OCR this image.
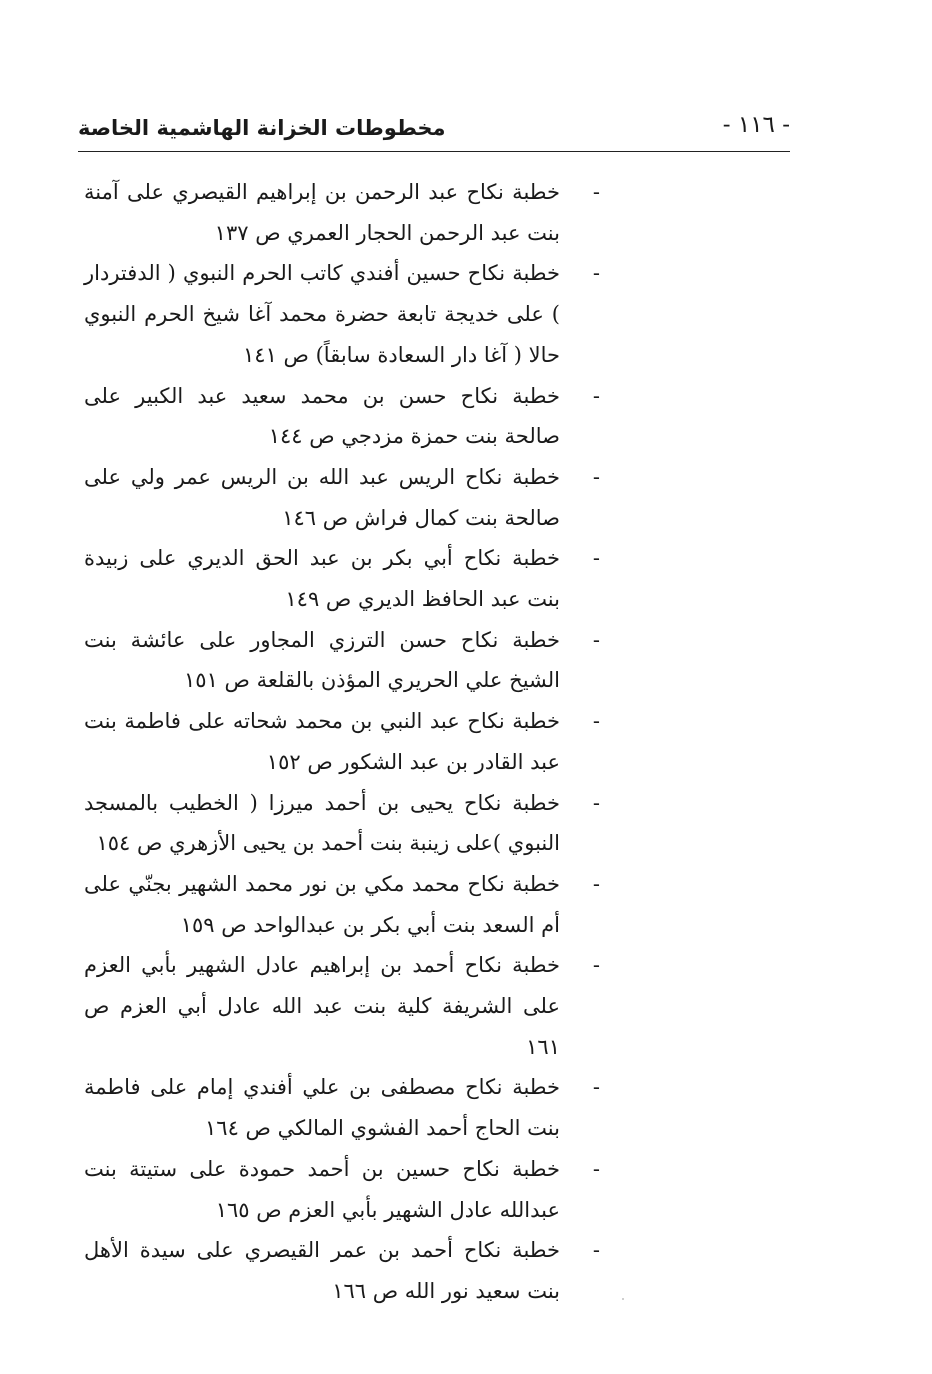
مخطوطات الخزانة الهاشمية الخاصة	- ١١٦ -
-
خطبة نكاح عبد الرحمن بن إبراهيم القيصري على آمنة بنت عبد الرحمن الحجار العمري ص ١٣٧
-
خطبة نكاح حسين أفندي كاتب الحرم النبوي ( الدفتردار ) على خديجة تابعة حضرة محمد آغا شيخ الحرم النبوي حالا ( آغا دار السعادة سابقاً) ص ١٤١
-
خطبة نكاح حسن بن محمد سعيد عبد الكبير على صالحة بنت حمزة مزدجي ص ١٤٤
-
خطبة نكاح الريس عبد الله بن الريس عمر ولي على صالحة بنت كمال فراش ص ١٤٦
-
خطبة نكاح أبي بكر بن عبد الحق الديري على زبيدة بنت عبد الحافظ الديري ص ١٤٩
-
خطبة نكاح حسن الترزي المجاور على عائشة بنت الشيخ علي الحريري المؤذن بالقلعة ص ١٥١
-
خطبة نكاح عبد النبي بن محمد شحاته على فاطمة بنت عبد القادر بن عبد الشكور ص ١٥٢
-
خطبة نكاح يحيى بن أحمد ميرزا ( الخطيب بالمسجد النبوي )على زينبة بنت أحمد بن يحيى الأزهري ص ١٥٤
-
خطبة نكاح محمد مكي بن نور محمد الشهير بجنّي على أم السعد بنت أبي بكر بن عبدالواحد ص ١٥٩
-
خطبة نكاح أحمد بن إبراهيم عادل الشهير بأبي العزم على الشريفة كلية بنت عبد الله عادل أبي العزم ص ١٦١
-
خطبة نكاح مصطفى بن علي أفندي إمام على فاطمة بنت الحاج أحمد الفشوي المالكي ص ١٦٤
-
خطبة نكاح حسين بن أحمد حمودة على ستيتة بنت عبدالله عادل الشهير بأبي العزم ص ١٦٥
-
خطبة نكاح أحمد بن عمر القيصري على سيدة الأهل بنت سعيد نور الله ص ١٦٦
